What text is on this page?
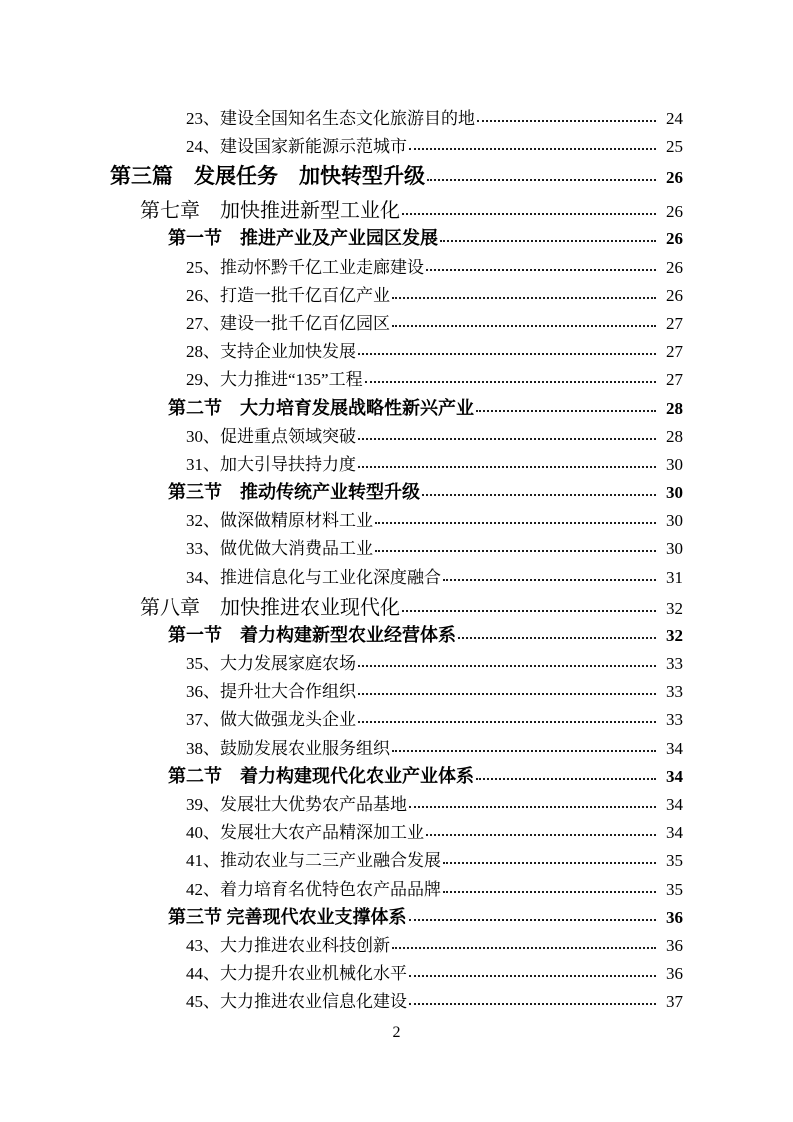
23、建设全国知名生态文化旅游目的地	24
24、建设国家新能源示范城市	25
第三篇　发展任务　加快转型升级	26
第七章　加快推进新型工业化	26
第一节　推进产业及产业园区发展	26
25、推动怀黔千亿工业走廊建设	26
26、打造一批千亿百亿产业	26
27、建设一批千亿百亿园区	27
28、支持企业加快发展	27
29、大力推进“135”工程	27
第二节　大力培育发展战略性新兴产业	28
30、促进重点领域突破	28
31、加大引导扶持力度	30
第三节　推动传统产业转型升级	30
32、做深做精原材料工业	30
33、做优做大消费品工业	30
34、推进信息化与工业化深度融合	31
第八章　加快推进农业现代化	32
第一节　着力构建新型农业经营体系	32
35、大力发展家庭农场	33
36、提升壮大合作组织	33
37、做大做强龙头企业	33
38、鼓励发展农业服务组织	34
第二节　着力构建现代化农业产业体系	34
39、发展壮大优势农产品基地	34
40、发展壮大农产品精深加工业	34
41、推动农业与二三产业融合发展	35
42、着力培育名优特色农产品品牌	35
第三节 完善现代农业支撑体系	36
43、大力推进农业科技创新	36
44、大力提升农业机械化水平	36
45、大力推进农业信息化建设	37
2
